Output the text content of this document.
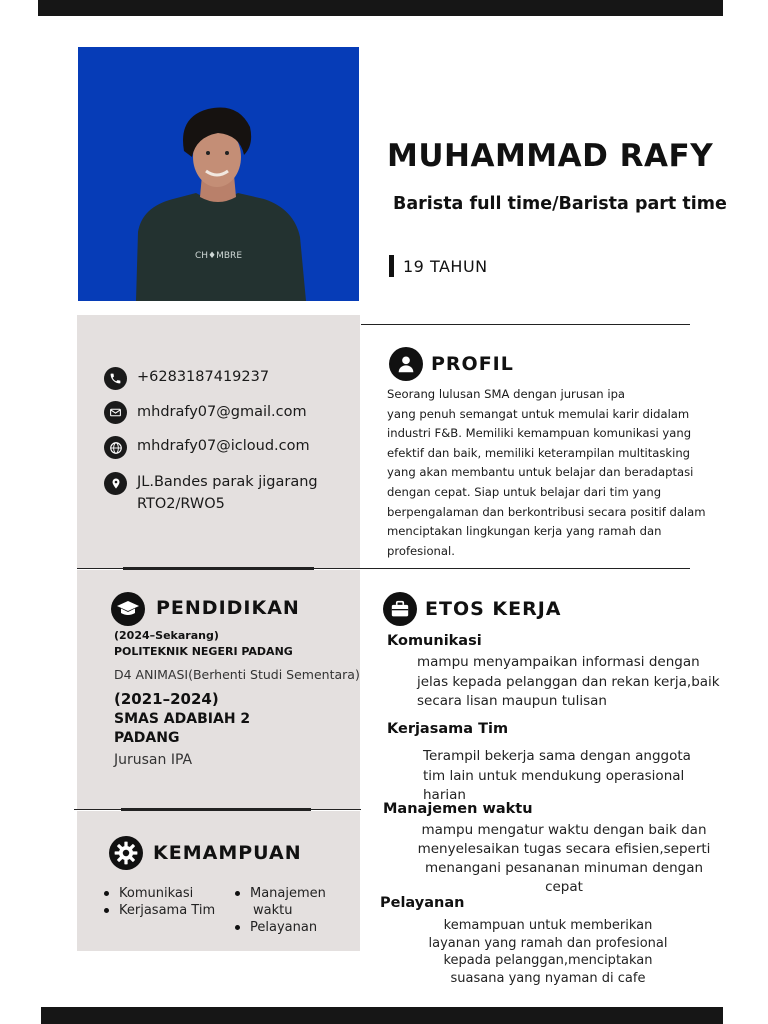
CH♦MBRE
MUHAMMAD RAFY
Barista full time/Barista part time
19 TAHUN
+6283187419237
mhdrafy07@gmail.com
mhdrafy07@icloud.com
JL.Bandes parak jigarang
RTO2/RWO5
PROFIL
Seorang lulusan SMA dengan jurusan ipa
yang penuh semangat untuk memulai karir didalam industri F&B. Memiliki kemampuan komunikasi yang efektif dan baik, memiliki keterampilan multitasking yang akan membantu untuk belajar dan beradaptasi dengan cepat. Siap untuk belajar dari tim yang berpengalaman dan berkontribusi secara positif dalam menciptakan lingkungan kerja yang ramah dan profesional.
PENDIDIKAN
(2024–Sekarang)
POLITEKNIK NEGERI PADANG
D4 ANIMASI(Berhenti Studi Sementara)
(2021–2024)
SMAS ADABIAH 2
PADANG
Jurusan IPA
KEMAMPUAN
Komunikasi
Kerjasama Tim
Manajemen
waktu
Pelayanan
ETOS KERJA
Komunikasi
mampu menyampaikan informasi dengan jelas kepada pelanggan dan rekan kerja,baik secara lisan maupun tulisan
Kerjasama Tim
Terampil bekerja sama dengan anggota tim lain untuk mendukung operasional harian
Manajemen waktu
mampu mengatur waktu dengan baik dan menyelesaikan tugas secara efisien,seperti menangani pesananan minuman dengan cepat
Pelayanan
kemampuan untuk memberikan layanan yang ramah dan profesional kepada pelanggan,menciptakan suasana yang nyaman di cafe
